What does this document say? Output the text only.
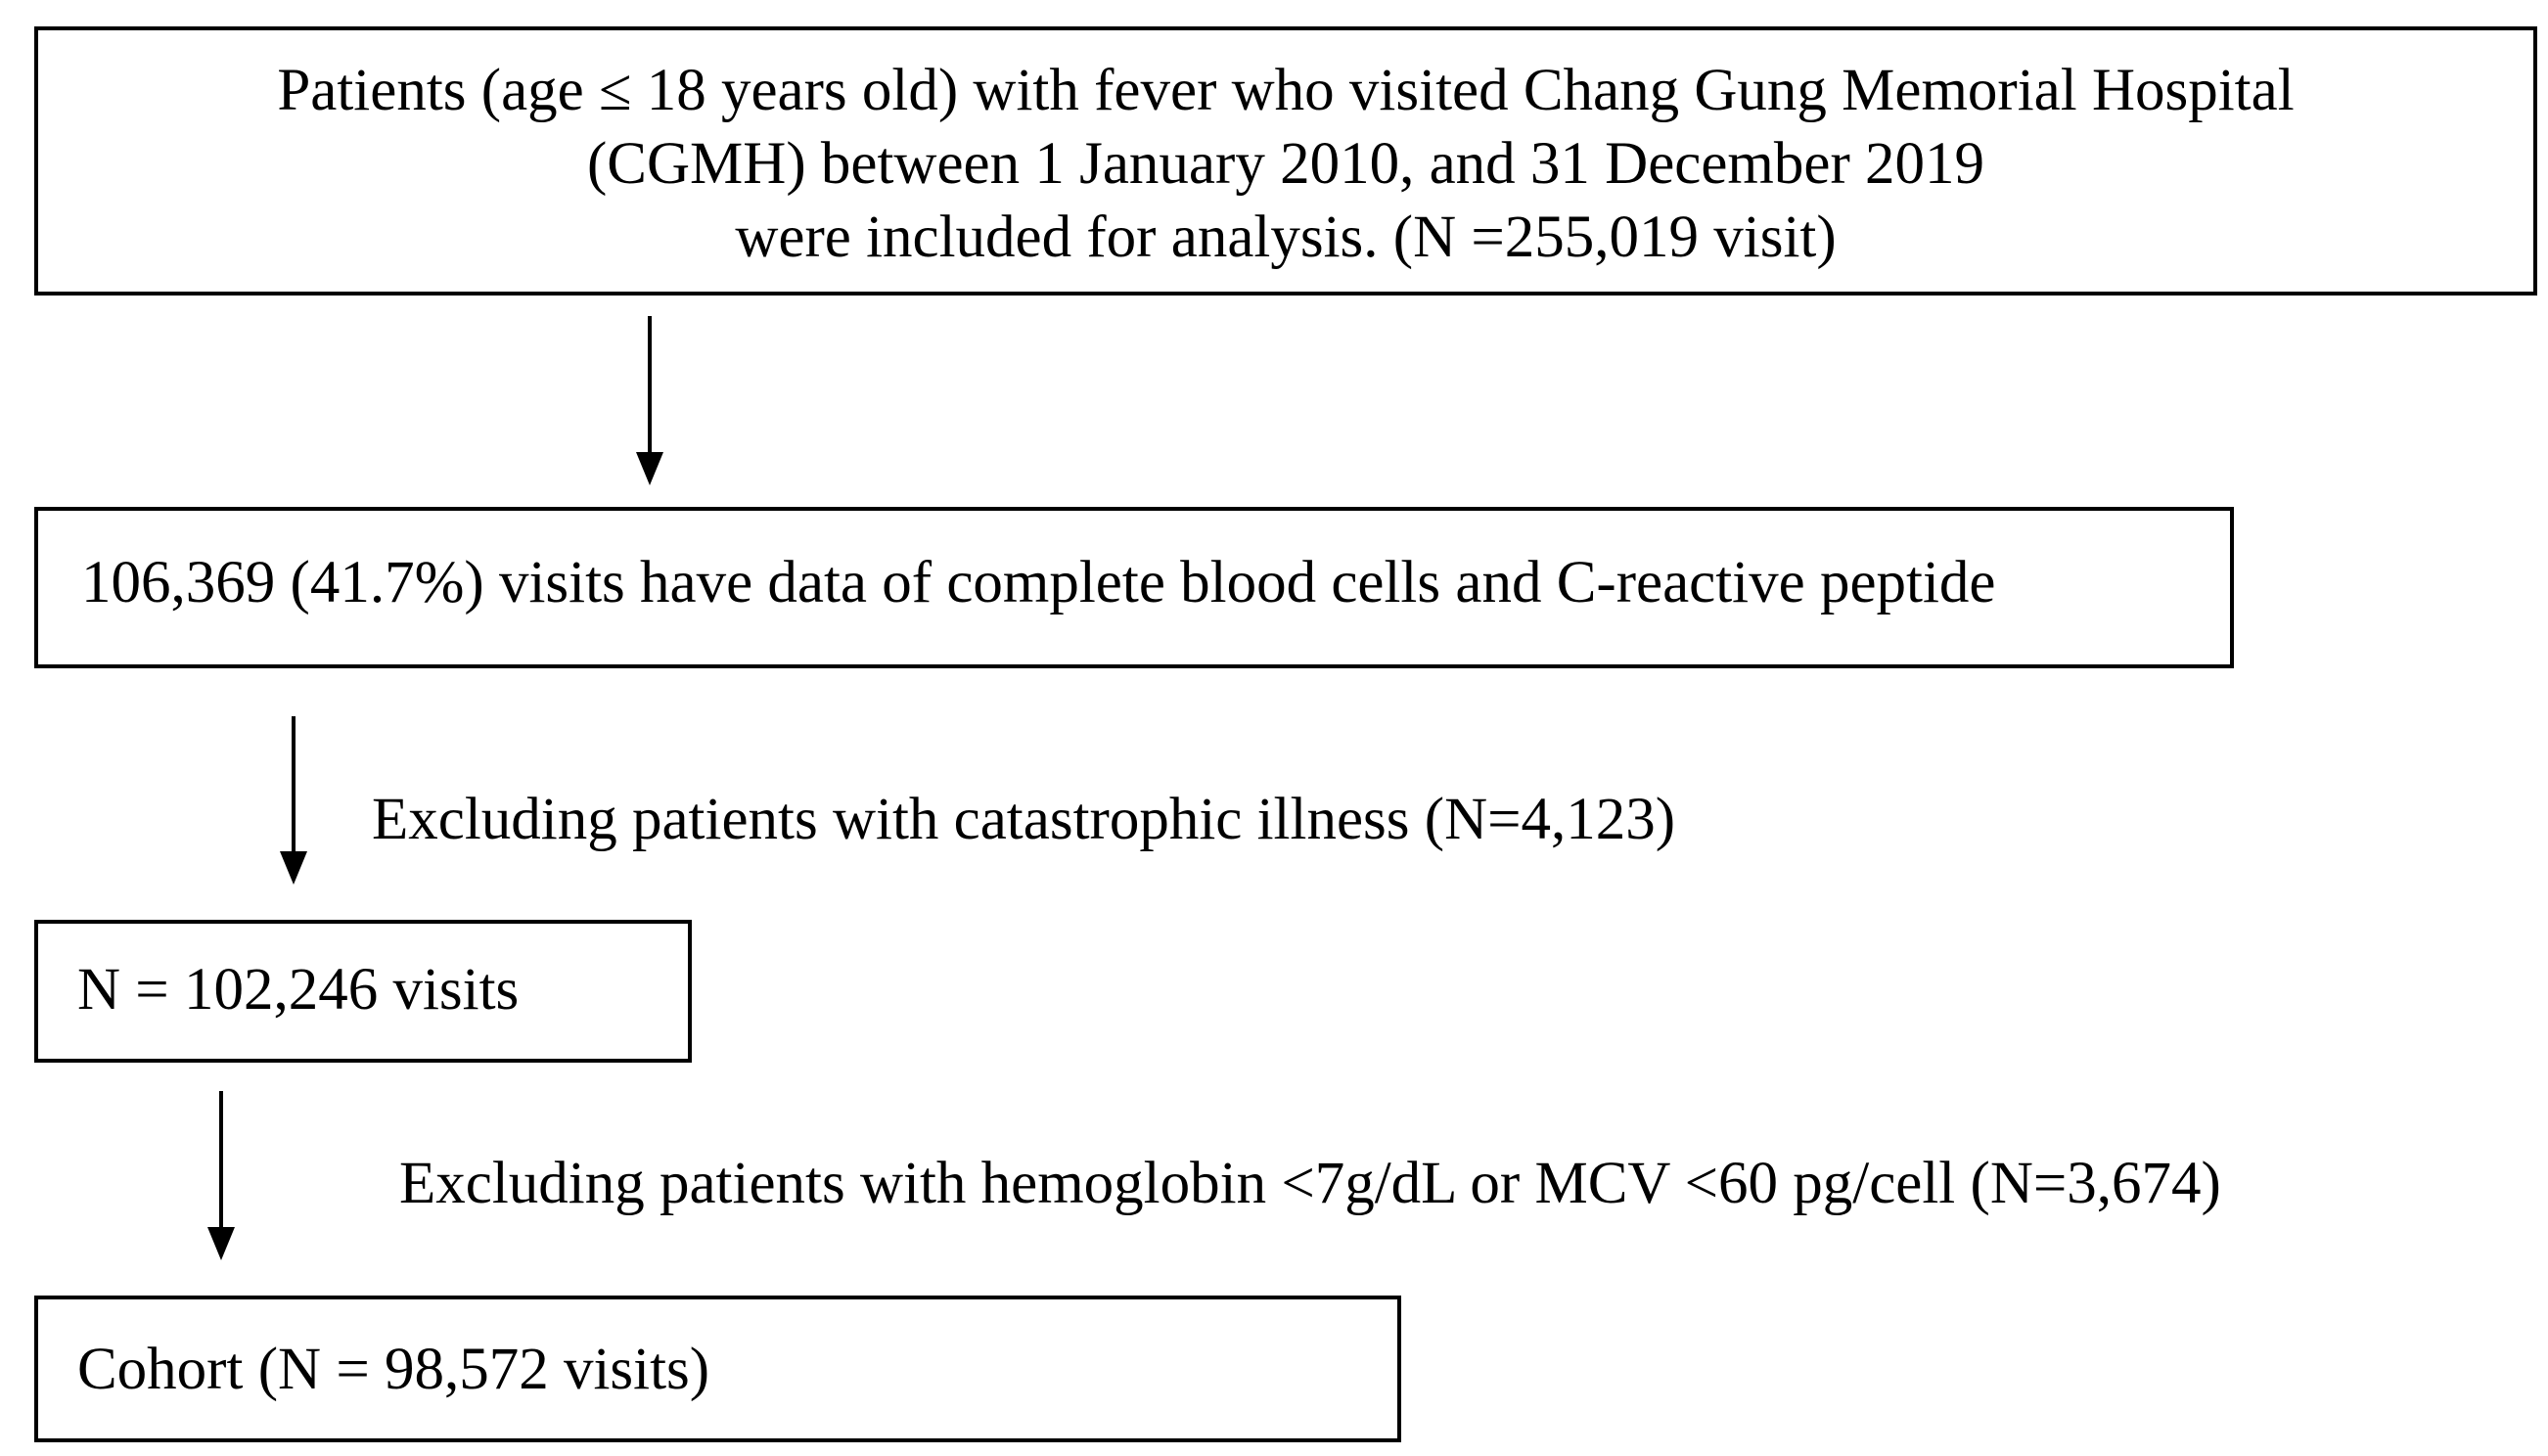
Patients (age ≤ 18 years old) with fever who visited Chang Gung Memorial Hospital
(CGMH) between 1 January 2010, and 31 December 2019
were included for analysis. (N =255,019 visit)
106,369 (41.7%) visits have data of complete blood cells and C-reactive peptide
Excluding patients with catastrophic illness (N=4,123)
N = 102,246 visits
Excluding patients with hemoglobin <7g/dL or MCV <60 pg/cell (N=3,674)
Cohort (N = 98,572 visits)
